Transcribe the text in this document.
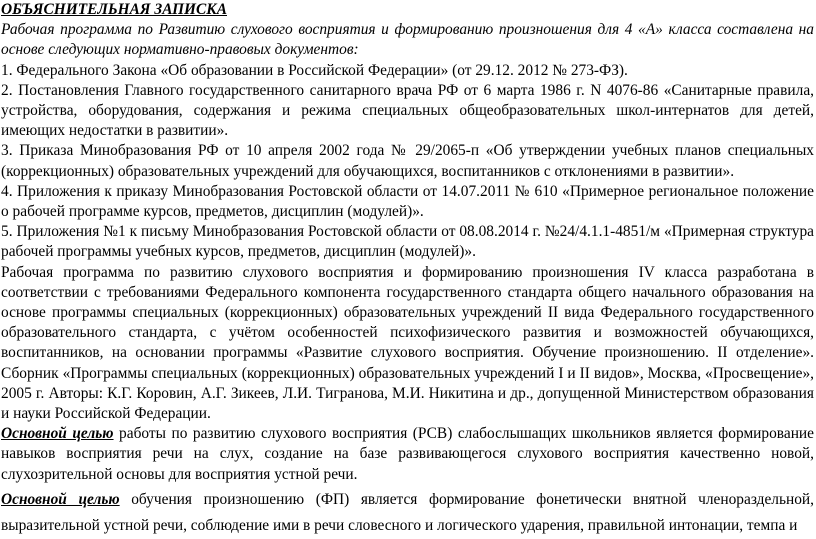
ОБЪЯСНИТЕЛЬНАЯ ЗАПИСКА

Рабочая программа по Развитию слухового восприятия и формированию произношения для 4 «А» класса составлена на основе следующих нормативно-правовых документов:

1. Федерального Закона «Об образовании в Российской Федерации» (от 29.12. 2012 № 273-ФЗ).

2. Постановления Главного государственного санитарного врача РФ от 6 марта 1986 г. N 4076-86 «Санитарные правила, устройства, оборудования, содержания и режима специальных общеобразовательных школ-интернатов для детей, имеющих недостатки в развитии».

3. Приказа Минобразования РФ от 10 апреля 2002 года № 29/2065-п «Об утверждении учебных планов специальных (коррекционных) образовательных учреждений для обучающихся, воспитанников с отклонениями в развитии».

4. Приложения к приказу Минобразования Ростовской области от 14.07.2011 № 610 «Примерное региональное положение о рабочей программе курсов, предметов, дисциплин (модулей)».

5. Приложения №1 к письму Минобразования Ростовской области от 08.08.2014 г. №24/4.1.1-4851/м «Примерная структура рабочей программы учебных курсов, предметов, дисциплин (модулей)».

Рабочая программа по развитию слухового восприятия и формированию произношения IV класса разработана в соответствии с требованиями Федерального компонента государственного стандарта общего начального образования на основе программы специальных (коррекционных) образовательных учреждений II вида Федерального государственного образовательного стандарта, с учётом особенностей психофизического развития и возможностей обучающихся, воспитанников, на основании программы «Развитие слухового восприятия. Обучение произношению. II отделение». Сборник «Программы специальных (коррекционных) образовательных учреждений I и II видов», Москва, «Просвещение», 2005 г. Авторы: К.Г. Коровин, А.Г. Зикеев, Л.И. Тигранова, М.И. Никитина и др., допущенной Министерством образования и науки Российской Федерации.

Основной целью работы по развитию слухового восприятия (РСВ) слабослышащих школьников является формирование навыков восприятия речи на слух, создание на базе развивающегося слухового восприятия качественно новой, слухозрительной основы для восприятия устной речи.

Основной целью обучения произношению (ФП) является формирование фонетически внятной членораздельной, выразительной устной речи, соблюдение ими в речи словесного и логического ударения, правильной интонации, темпа и
